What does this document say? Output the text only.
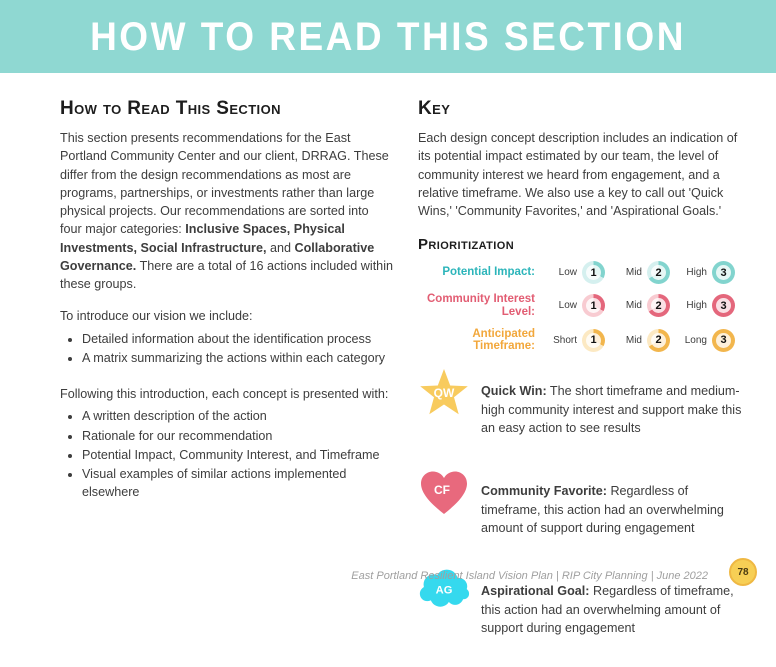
HOW TO READ THIS SECTION
How to Read This Section

This section presents recommendations for the East Portland Community Center and our client, DRRAG. These differ from the design recommendations as most are programs, partnerships, or investments rather than large physical projects. Our recommendations are sorted into four major categories: Inclusive Spaces, Physical Investments, Social Infrastructure, and Collaborative Governance. There are a total of 16 actions included within these groups.

To introduce our vision we include:

• Detailed information about the identification process
• A matrix summarizing the actions within each category

Following this introduction, each concept is presented with:

• A written description of the action
• Rationale for our recommendation
• Potential Impact, Community Interest, and Timeframe
• Visual examples of similar actions implemented elsewhere
Key

Each design concept description includes an indication of its potential impact estimated by our team, the level of community interest we heard from engagement, and a relative timeframe. We also use a key to call out 'Quick Wins,' 'Community Favorites,' and 'Aspirational Goals.'

Prioritization
Potential Impact:	Low 1	Mid 2 High 3
Community Interest Level:	Low 1	Mid 2 High 3
Anticipated Timeframe:	Short 1	Mid 2 Long 3
QW Quick Win: The short timeframe and medium-high community interest and support make this an easy action to see results

CF Community Favorite: Regardless of timeframe, this action had an overwhelming amount of support during engagement

AG Aspirational Goal: Regardless of timeframe, this action had an overwhelming amount of support during engagement

East Portland Resilient Island Vision Plan | RIP City Planning | June 2022	78
